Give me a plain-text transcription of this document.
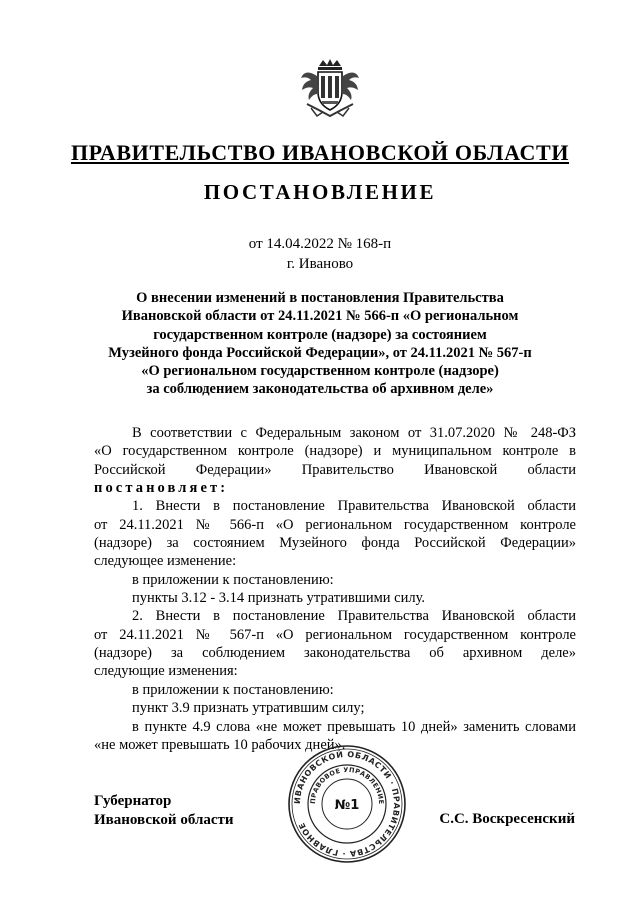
ПРАВИТЕЛЬСТВО ИВАНОВСКОЙ ОБЛАСТИ
ПОСТАНОВЛЕНИЕ
от 14.04.2022 № 168-п
г. Иваново
О внесении изменений в постановления Правительства
Ивановской области от 24.11.2021 № 566-п «О региональном
государственном контроле (надзоре) за состоянием
Музейного фонда Российской Федерации», от 24.11.2021 № 567-п
«О региональном государственном контроле (надзоре)
за соблюдением законодательства об архивном деле»
В соответствии с Федеральным законом от 31.07.2020 № 248-ФЗ
«О государственном контроле (надзоре) и муниципальном контроле в
Российской Федерации» Правительство Ивановской области
постановляет:
1. Внести в постановление Правительства Ивановской области
от 24.11.2021 № 566-п «О региональном государственном контроле
(надзоре) за состоянием Музейного фонда Российской Федерации»
следующее изменение:
в приложении к постановлению:
пункты 3.12 - 3.14 признать утратившими силу.
2. Внести в постановление Правительства Ивановской области
от 24.11.2021 № 567-п «О региональном государственном контроле
(надзоре) за соблюдением законодательства об архивном деле»
следующие изменения:
в приложении к постановлению:
пункт 3.9 признать утратившим силу;
в пункте 4.9 слова «не может превышать 10 дней» заменить словами
«не может превышать 10 рабочих дней».
Губернатор
Ивановской области	С.С. Воскресенский
ИВАНОВСКОЙ ОБЛАСТИ · ПРАВИТЕЛЬСТВА · ГЛАВНОЕ
ПРАВОВОЕ УПРАВЛЕНИЕ
№1
